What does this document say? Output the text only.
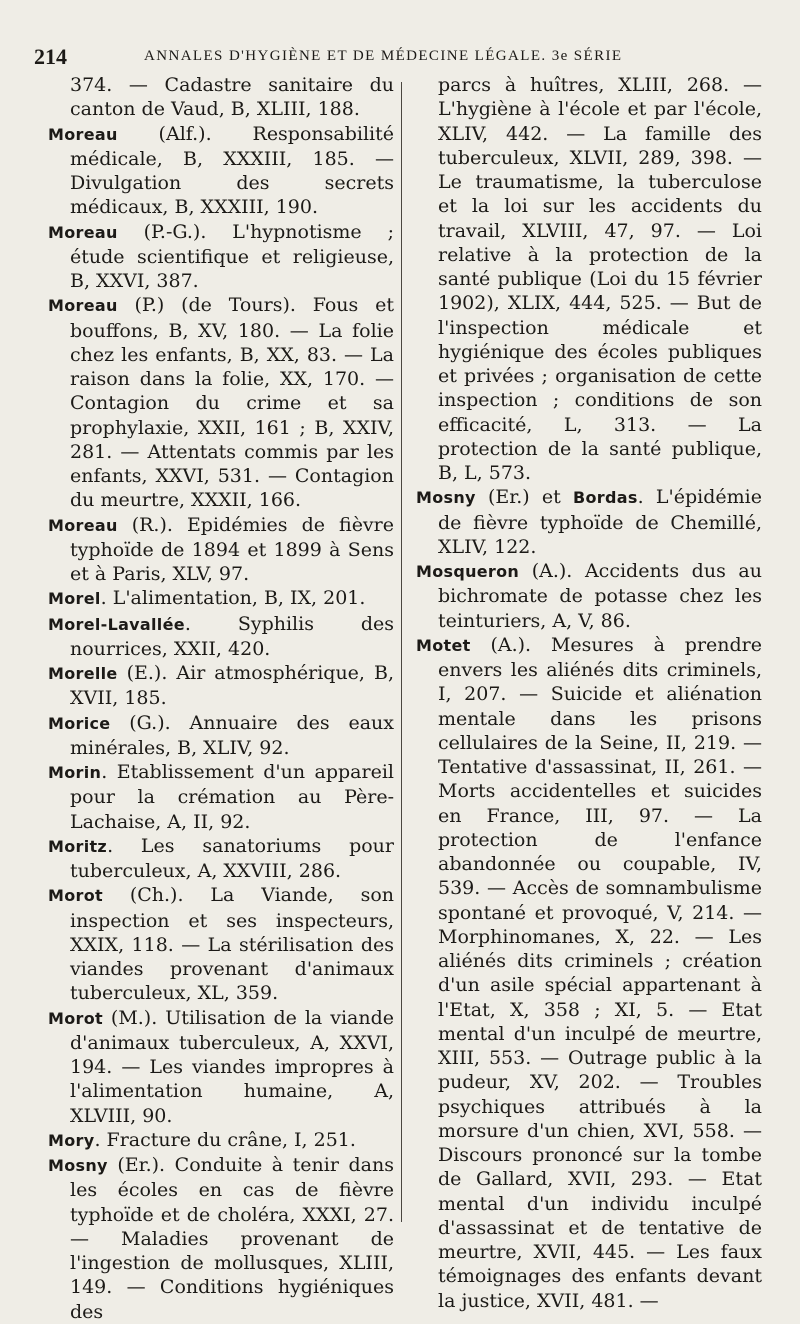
214	ANNALES D'HYGIÈNE ET DE MÉDECINE LÉGALE. 3e SÉRIE

374. — Cadastre sanitaire du canton de Vaud, B, XLIII, 188.

Moreau (Alf.). Responsabilité médicale, B, XXXIII, 185. — Divulgation des secrets médicaux, B, XXXIII, 190.

Moreau (P.-G.). L'hypnotisme ; étude scientifique et religieuse, B, XXVI, 387.

Moreau (P.) (de Tours). Fous et bouffons, B, XV, 180. — La folie chez les enfants, B, XX, 83. — La raison dans la folie, XX, 170. — Contagion du crime et sa prophylaxie, XXII, 161 ; B, XXIV, 281. — Attentats commis par les enfants, XXVI, 531. — Contagion du meurtre, XXXII, 166.

Moreau (R.). Epidémies de fièvre typhoïde de 1894 et 1899 à Sens et à Paris, XLV, 97.

Morel. L'alimentation, B, IX, 201.

Morel-Lavallée. Syphilis des nourrices, XXII, 420.

Morelle (E.). Air atmosphérique, B, XVII, 185.

Morice (G.). Annuaire des eaux minérales, B, XLIV, 92.

Morin. Etablissement d'un appareil pour la crémation au Père-Lachaise, A, II, 92.

Moritz. Les sanatoriums pour tuberculeux, A, XXVIII, 286.

Morot (Ch.). La Viande, son inspection et ses inspecteurs, XXIX, 118. — La stérilisation des viandes provenant d'animaux tuberculeux, XL, 359.

Morot (M.). Utilisation de la viande d'animaux tuberculeux, A, XXVI, 194. — Les viandes impropres à l'alimentation humaine, A, XLVIII, 90.

Mory. Fracture du crâne, I, 251.

Mosny (Er.). Conduite à tenir dans les écoles en cas de fièvre typhoïde et de choléra, XXXI, 27. — Maladies provenant de l'ingestion de mollusques, XLIII, 149. — Conditions hygiéniques des

parcs à huîtres, XLIII, 268. — L'hygiène à l'école et par l'école, XLIV, 442. — La famille des tuberculeux, XLVII, 289, 398. — Le traumatisme, la tuberculose et la loi sur les accidents du travail, XLVIII, 47, 97. — Loi relative à la protection de la santé publique (Loi du 15 février 1902), XLIX, 444, 525. — But de l'inspection médicale et hygiénique des écoles publiques et privées ; organisation de cette inspection ; conditions de son efficacité, L, 313. — La protection de la santé publique, B, L, 573.

Mosny (Er.) et Bordas. L'épidémie de fièvre typhoïde de Chemillé, XLIV, 122.

Mosqueron (A.). Accidents dus au bichromate de potasse chez les teinturiers, A, V, 86.

Motet (A.). Mesures à prendre envers les aliénés dits criminels, I, 207. — Suicide et aliénation mentale dans les prisons cellulaires de la Seine, II, 219. — Tentative d'assassinat, II, 261. — Morts accidentelles et suicides en France, III, 97. — La protection de l'enfance abandonnée ou coupable, IV, 539. — Accès de somnambulisme spontané et provoqué, V, 214. — Morphinomanes, X, 22. — Les aliénés dits criminels ; création d'un asile spécial appartenant à l'Etat, X, 358 ; XI, 5. — Etat mental d'un inculpé de meurtre, XIII, 553. — Outrage public à la pudeur, XV, 202. — Troubles psychiques attribués à la morsure d'un chien, XVI, 558. — Discours prononcé sur la tombe de Gallard, XVII, 293. — Etat mental d'un individu inculpé d'assassinat et de tentative de meurtre, XVII, 445. — Les faux témoignages des enfants devant la justice, XVII, 481. —
